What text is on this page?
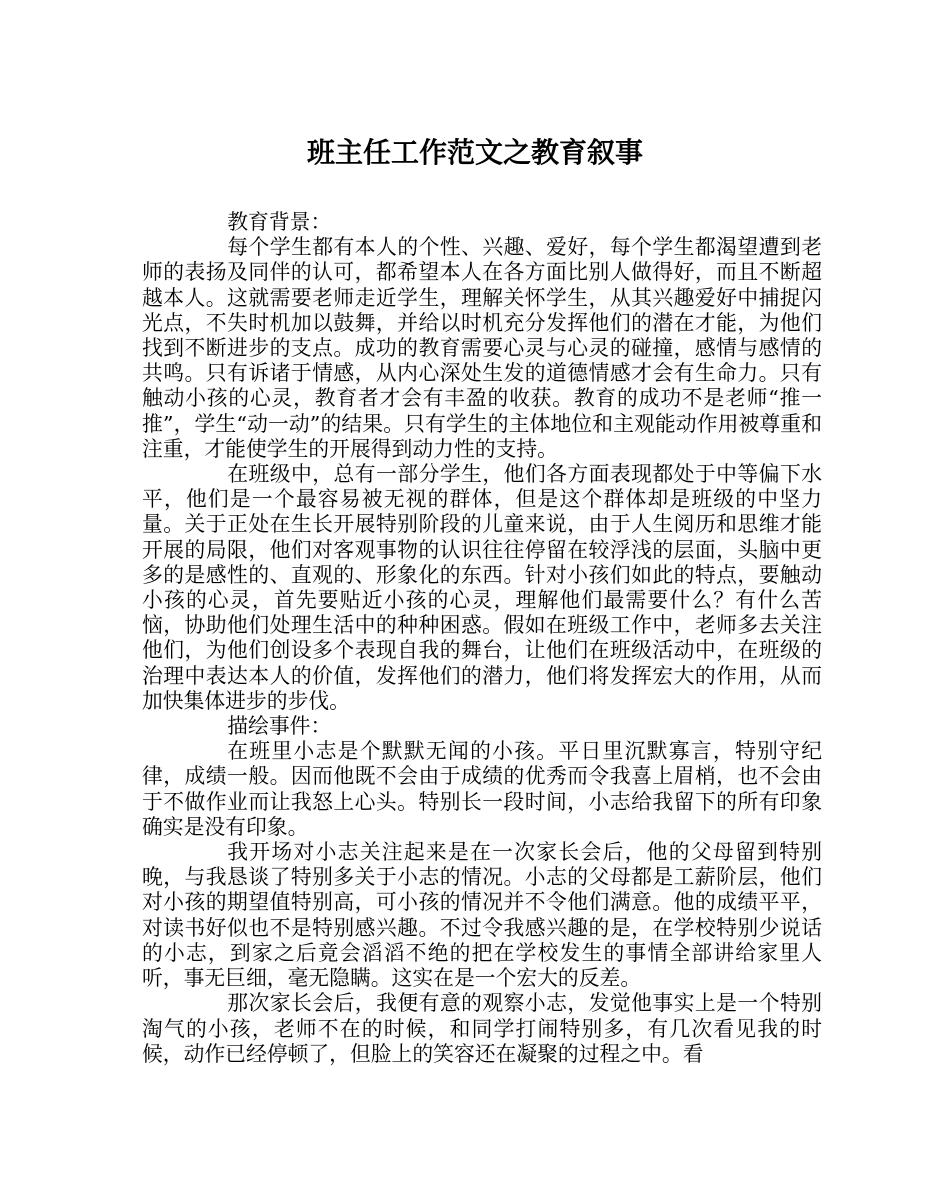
班主任工作范文之教育叙事

教育背景：

每个学生都有本人的个性、兴趣、爱好，每个学生都渴望遭到老师的表扬及同伴的认可，都希望本人在各方面比别人做得好，而且不断超越本人。这就需要老师走近学生，理解关怀学生，从其兴趣爱好中捕捉闪光点，不失时机加以鼓舞，并给以时机充分发挥他们的潜在才能，为他们找到不断进步的支点。成功的教育需要心灵与心灵的碰撞，感情与感情的共鸣。只有诉诸于情感，从内心深处生发的道德情感才会有生命力。只有触动小孩的心灵，教育者才会有丰盈的收获。教育的成功不是老师“推一推”，学生“动一动”的结果。只有学生的主体地位和主观能动作用被尊重和注重，才能使学生的开展得到动力性的支持。

在班级中，总有一部分学生，他们各方面表现都处于中等偏下水平，他们是一个最容易被无视的群体，但是这个群体却是班级的中坚力量。关于正处在生长开展特别阶段的儿童来说，由于人生阅历和思维才能开展的局限，他们对客观事物的认识往往停留在较浮浅的层面，头脑中更多的是感性的、直观的、形象化的东西。针对小孩们如此的特点，要触动小孩的心灵，首先要贴近小孩的心灵，理解他们最需要什么？有什么苦恼，协助他们处理生活中的种种困惑。假如在班级工作中，老师多去关注他们，为他们创设多个表现自我的舞台，让他们在班级活动中，在班级的治理中表达本人的价值，发挥他们的潜力，他们将发挥宏大的作用，从而加快集体进步的步伐。

描绘事件：

在班里小志是个默默无闻的小孩。平日里沉默寡言，特别守纪律，成绩一般。因而他既不会由于成绩的优秀而令我喜上眉梢，也不会由于不做作业而让我怒上心头。特别长一段时间，小志给我留下的所有印象确实是没有印象。

我开场对小志关注起来是在一次家长会后，他的父母留到特别晚，与我恳谈了特别多关于小志的情况。小志的父母都是工薪阶层，他们对小孩的期望值特别高，可小孩的情况并不令他们满意。他的成绩平平，对读书好似也不是特别感兴趣。不过令我感兴趣的是，在学校特别少说话的小志，到家之后竟会滔滔不绝的把在学校发生的事情全部讲给家里人听，事无巨细，毫无隐瞒。这实在是一个宏大的反差。

那次家长会后，我便有意的观察小志，发觉他事实上是一个特别淘气的小孩，老师不在的时候，和同学打闹特别多，有几次看见我的时候，动作已经停顿了，但脸上的笑容还在凝聚的过程之中。看
